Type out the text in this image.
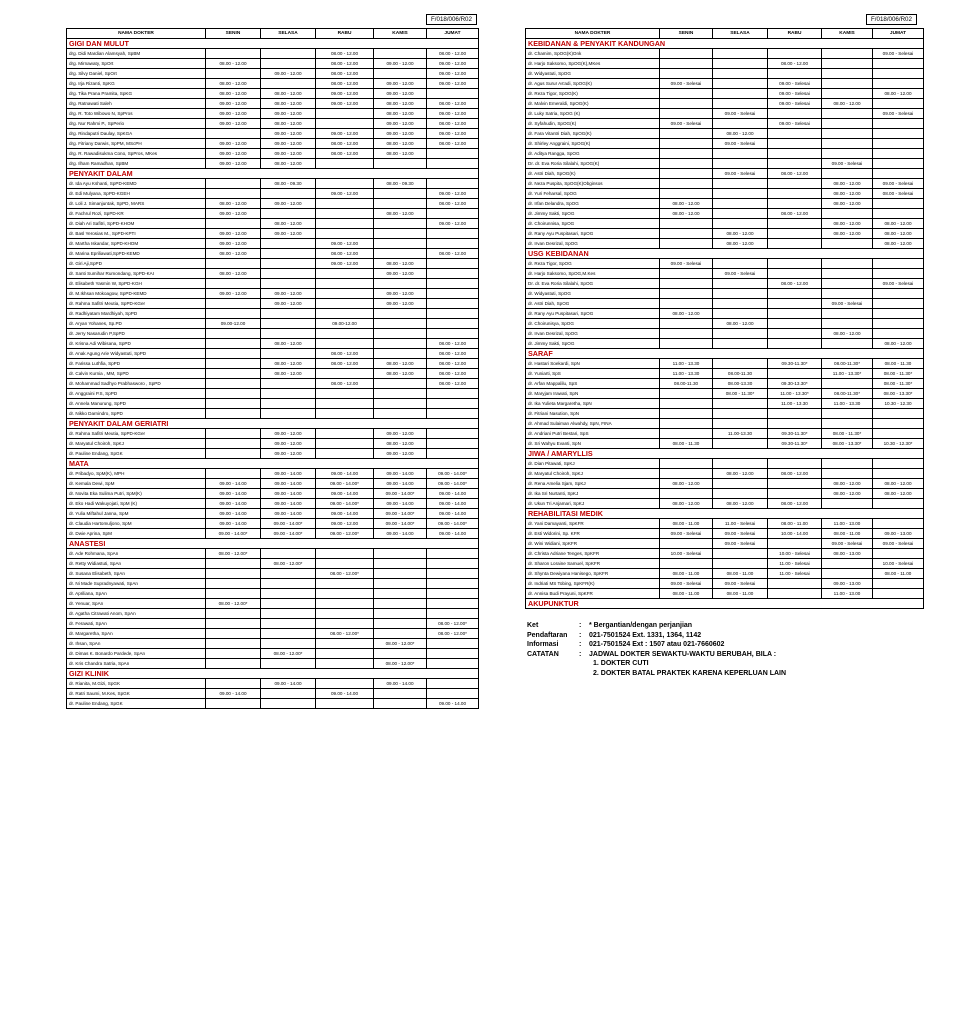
F/018/006/R02
NAMA DOKTER	SENIN	SELASA	RABU	KAMIS	JUMAT
GIGI DAN MULUT					
drg. Didi Mardian Alamsyah, SpBM			08.00 - 12.00		08.00 - 12.00
drg. Mirnawaty, SpOrt	08.00 - 12.00		08.00 - 12.00	09.00 - 12.00	09.00 - 12.00
drg. Silvy Daniel, SpOrt		09.00 - 12.00	08.00 - 12.00		09.00 - 12.00
drg. Irja Rizanti, SpKG	08.00 - 12.00		08.00 - 12.00	09.00 - 12.00	09.00 - 12.00
drg. Tika Prana Pramita, SpKG	08.00 - 12.00	08.00 - 12.00	09.00 - 12.00	09.00 - 12.00	
drg. Ratnawati Saleh	09.00 - 12.00	08.00 - 12.00	09.00 - 12.00	08.00 - 12.00	08.00 - 12.00
drg. R. Toto Wibowo N, SpPros	09.00 - 12.00	09.00 - 12.00		08.00 - 12.00	09.00 - 12.00
drg. Nur Rahmi P., SpPerio	09.00 - 12.00	08.00 - 12.00		09.00 - 12.00	08.00 - 12.00
drg. Rindaputri Daulay, SpKGA		09.00 - 12.00	09.00 - 12.00	09.00 - 12.00	09.00 - 12.00
drg. Fitriany Darwis, SpPM, MScPH	09.00 - 12.00	09.00 - 12.00	08.00 - 12.00	08.00 - 12.00	08.00 - 12.00
drg. R. Rawadisukma Cono, SpPros, MKes	09.00 - 12.00	09.00 - 12.00	08.00 - 12.00	08.00 - 12.00	
drg. Ilham Ramadhan, SpBM	09.00 - 12.00	08.00 - 12.00			
PENYAKIT DALAM					
dr. Ida Ayu Kshanti, SpPD-KEMD		08.00 - 09.30		08.00 - 09.30	
dr. Edi Mulyana, SpPD-KGEH			09.00 - 12.00		09.00 - 12.00
dr. Loli J. Simanjuntak, SpPD, MARS	08.00 - 12.00	09.00 - 12.00			08.00 - 12.00
dr. Fachrul Rozi, SpPD-KR	09.00 - 12.00			08.00 - 12.00	
dr. Diah Ari Safitri, SpPD-KHOM		08.00 - 12.00			09.00 - 12.00
dr. Basl Yerosias M., SpPD-KPTI	09.00 - 12.00	09.00 - 12.00			
dr. Martha Iskandar, SpPD-KHOM	09.00 - 12.00		09.00 - 12.00		
dr. Marina Epriliawati,SpPD-KEMD	08.00 - 12.00		08.00 - 12.00		08.00 - 12.00
dr. Giri Aji,SpPD			09.00 - 12.00	08.00 - 12.00	
dr. Santi Sumihar Rumondang, SpPD-KAI	08.00 - 12.00			09.00 - 12.00	
dr. Elisabeth Yasmin W, SpPD-KGH					
dr. M.Ikhsan Mokoagow, SpPD-KEMD	09.00 - 12.00	09.00 - 12.00		09.00 - 12.00	
dr. Rahma Safitri Meutia, SpPD-KGer		09.00 - 12.00		09.00 - 12.00	
dr. Radhiyatam Mardhiyah, SpPD					
dr. Aryan Yohanes, Sp.PD	09.00-12.00		09.00-12.00		
dr. Jerry Nasarudin P,SpPD					
dr. Krisna Adi Wibisana, SpPD		08.00 - 12.00			08.00 - 12.00
dr. Anak Agung Arie Widyastuti, SpPD			08.00 - 12.00		08.00 - 12.00
dr. Farissa Luthfia, SpPD		08.00 - 12.00	08.00 - 12.00	08.00 - 12.00	08.00 - 12.00
dr. Calvin Kurnia , MM, SpPD		08.00 - 12.00		08.00 - 12.00	08.00 - 12.00
dr. Mohammad Sadhyo Prabhasworo , SpPD			08.00 - 12.00		08.00 - 12.00
dr. Anggraini P.S, SpPD					
dr. Annela Manurung, SpPD					
dr. Nikko Darnindro, SpPD					
PENYAKIT DALAM GERIATRI					
dr. Rahma Safitri Meutia, SpPD-KGer		09.00 - 12.00		09.00 - 12.00	
dr. Maryatul Choiroh, SpKJ		09.00 - 12.00		08.00 - 12.00	
dr. Pauline Endang, SpGK		09.00 - 12.00		09.00 - 12.00	
MATA					
dr. Pribadyo, SpM(K), MPH		09.00 - 14.00	09.00 - 14.00	09.00 - 14.00	09.00 - 14.00*
dr. Kemala Dewi, SpM	09.00 - 14.00	09.00 - 14.00	09.00 - 14.00*	09.00 - 14.00	09.00 - 14.00*
dr. Novita Eka Sulima Putri, SpM(K)	09.00 - 14.00	09.00 - 14.00	09.00 - 14.00	09.00 - 14.00*	09.00 - 14.00
dr. Eko Hadi Wakuyojati, SpM (K)	09.00 - 14.00	09.00 - 14.00	09.00 - 14.00*	09.00 - 14.00	09.00 - 14.00
dr. Yulia Miftahul Janna, SpM	09.00 - 14.00	09.00 - 14.00	09.00 - 14.00	09.00 - 14.00*	09.00 - 14.00
dr. Claudia Hartomuljono, SpM	09.00 - 14.00	09.00 - 14.00*	09.00 - 12.00	09.00 - 14.00*	09.00 - 14.00*
dr. Dwie Aprina, SpM	09.00 - 14.00*	09.00 - 14.00*	09.00 - 12.00*	09.00 - 14.00	09.00 - 14.00
ANASTESI					
dr. Ade Rohmana, SpAn	08.00 - 12.00*				
dr. Retty Widiastuti, SpAn		08.00 - 12.00*			
dr. Susana Elisabeth, SpAn			08.00 - 12.00*		
dr. Ni Made Supradnyawati, SpAn					
dr. Apriliana, SpAn					
dr. Yenuar, SpAn	08.00 - 12.00*				
dr. Agatha Citrawati Anom, SpAn					
dr. Ferawati, SpAn					08.00 - 12.00*
dr. Margaretha, SpAn			08.00 - 12.00*		08.00 - 12.00*
dr. Ihsan, SpAn				08.00 - 12.00*	
dr. Dimas K. Bonardo Pardede, SpAn		08.00 - 12.00*			
dr. Kris Chandra Satria, SpAn				08.00 - 12.00*	
GIZI KLINIK					
dr. Rianita, M.Gizi, SpGK		09.00 - 14.00		09.00 - 14.00	
dr. Ratri Saumi, M.Kes, SpGK	09.00 - 14.00		09.00 - 14.00		
dr. Pauline Endang, SpGK					09.00 - 14.00
F/018/006/R02
NAMA DOKTER	SENIN	SELASA	RABU	KAMIS	JUMAT
KEBIDANAN & PENYAKIT KANDUNGAN					
dr. Chamim, SpOG(K)Onk					09.00 - Selesai
dr. Harjo Saksomo, SpOG(K),MKes			08.00 - 12.00		
dr. Widyastuti, SpOG					
dr. Agus Surur As'adi, SpOG(K)	09.00 - Selesai		09.00 - Selesai		
dr. Reza Tigor, SpOG(K)			09.00 - Selesai		08.00 - 12.00
dr. Malvin Emeraldi, SpOG(K)			09.00 - Selesai	08.00 - 12.00	
dr. Luky Satria, SpOG (K)		09.00 - Selesai			09.00 - Selesai
dr. Syfahudin, SpOG(K)	09.00 - Selesai		09.00 - Selesai		
dr. Fara Vitantri Diah, SpOG(K)		08.00 - 12.00			
dr. Shirley Anggraini, SpOG(K)		09.00 - Selesai			
dr. Aditya Rangga, SpOG					
Dr. dr. Eva Roria Silalahi, SpOG(K)				09.00 - Selesai	
dr. Astri Diah, SpOG(K)		09.00 - Selesai	08.00 - 12.00		
dr. Neza Puspita, SpOG(K)Obginsos				08.00 - 12.00	09.00 - Selesai
dr. Yuri Feharsal, SpOG				08.00 - 12.00	08.00 - Selesai
dr. Irfan Delandra, SpOG	08.00 - 12.00			08.00 - 12.00	
dr. Jimmy Sakti, SpOG	08.00 - 12.00		08.00 - 12.00		
dr. Choirunnisa, SpOG				08.00 - 12.00	08.00 - 12.00
dr. Rany Ayu Puspitasari, SpOG		08.00 - 12.00		08.00 - 12.00	08.00 - 12.00
dr. Irvan Desrizal, SpOG		08.00 - 12.00			08.00 - 12.00
USG KEBIDANAN					
dr. Reza Tigor, SpOG	09.00 - Selesai				
dr. Harjo Saksomo, SpOG,M.Kes		09.00 - Selesai			
Dr. dr. Eva Roria Silalahi, SpOG			08.00 - 12.00		09.00 - Selesai
dr. Widyastuti, SpOG					
dr. Astri Diah, SpOG				09.00 - Selesai	
dr. Rany Ayu Puspitasari, SpOG	08.00 - 12.00				
dr. Choirunisya, SpOG		08.00 - 12.00			
dr. Irvan Desrizal, SpOG				08.00 - 12.00	
dr. Jimmy Sakti, SpOG					08.00 - 12.00
SARAF					
dr. Hastari Soekardi, SpN	11.00 - 13.30		09.30-11.30*	08.00-11.30*	08.00 - 11.30
dr. Yuniarti, SpS	11.00 - 13.30	08.00-11.30		11.00 - 13.30*	08.00 - 11.30*
dr. Arfan Mappalilu, SpS	08.00-11.30	08.00-13.30	09.30-13.30*		08.00 - 11.30*
dr. Maryjam Irawati, SpN		08.00 - 11.30*	11.00 - 13.30*	08.00-11.30*	08.00 - 13.30*
dr. Ika Yulieta Margaretha, SpN			11.00 - 13.30	11.00 - 13.30	10.30 - 12.30
dr. Fitriani Nasution, SpN					
dr. Ahmad Sulaiman Alwahdy, SpN, FINA					
dr. Andriani Putri Bestari, SpS		11.00-13.30	09.30-11.30*	08.00 - 11.30*	
dr. Sri Wahyu Evanti, SpN	08.00 - 11.30		09.30-11.30*	08.00 - 13.30*	10.30 - 12.30*
JIWA / AMARYLLIS					
dr. Dian Pitawati, SpKJ					
dr. Maryatul Choiroh, SpKJ		08.00 - 12.00	08.00 - 12.00		
dr. Rena Amelia Sjam, SpKJ	08.00 - 12.00			08.00 - 12.00	08.00 - 12.00
dr. Ika Sri Nurtanti, SpKJ				08.00 - 12.00	08.00 - 12.00
dr. Ukun Tri Anjamari, SpKJ	08.00 - 12.00	08.00 - 12.00	08.00 - 12.00		
REHABILITASI MEDIK					
dr. Yani Damayanti, SpKFR	08.00 - 11.00	11.00 - Selesai	08.00 - 11.00	11.00 - 13.00	
dr. Esti Widorini, Sp. KFR	09.00 - Selesai	09.00 - Selesai	10.00 - 14.00	08.00 - 11.00	09.00 - 13.00
dr. Wini Widiani, SpKFR		09.00 - Selesai		09.00 - Selesai	09.00 - Selesai
dr. Christa Adriane Tenges, SpKFR	10.00 - Selesai		10.00 - Selesai	08.00 - 13.00	
dr. Sharon Loraine Samuel, SpKFR			11.00 - Selesai		10.00 - Selesai
dr. Shynta Dewiyana Hanisego, SpKFR	08.00 - 11.00	08.00 - 11.00	11.00 - Selesai		08.00 - 11.00
dr. Indriati MS Tobing, SpKFR(K)	09.00 - Selesai	09.00 - Selesai		09.00 - 13.00	
dr. Annisa Budi Prayuni, SpKFR	08.00 - 11.00	08.00 - 11.00		11.00 - 13.00	
AKUPUNKTUR					
Ket	:	* Bergantian/dengan perjanjian
Pendaftaran	:	021-7501524 Ext. 1331, 1364, 1142
Informasi	:	021-7501524 Ext : 1507 atau 021-7660602
CATATAN	:	JADWAL DOKTER SEWAKTU-WAKTU BERUBAH, BILA :
1. DOKTER CUTI
2. DOKTER BATAL PRAKTEK KARENA KEPERLUAN LAIN
